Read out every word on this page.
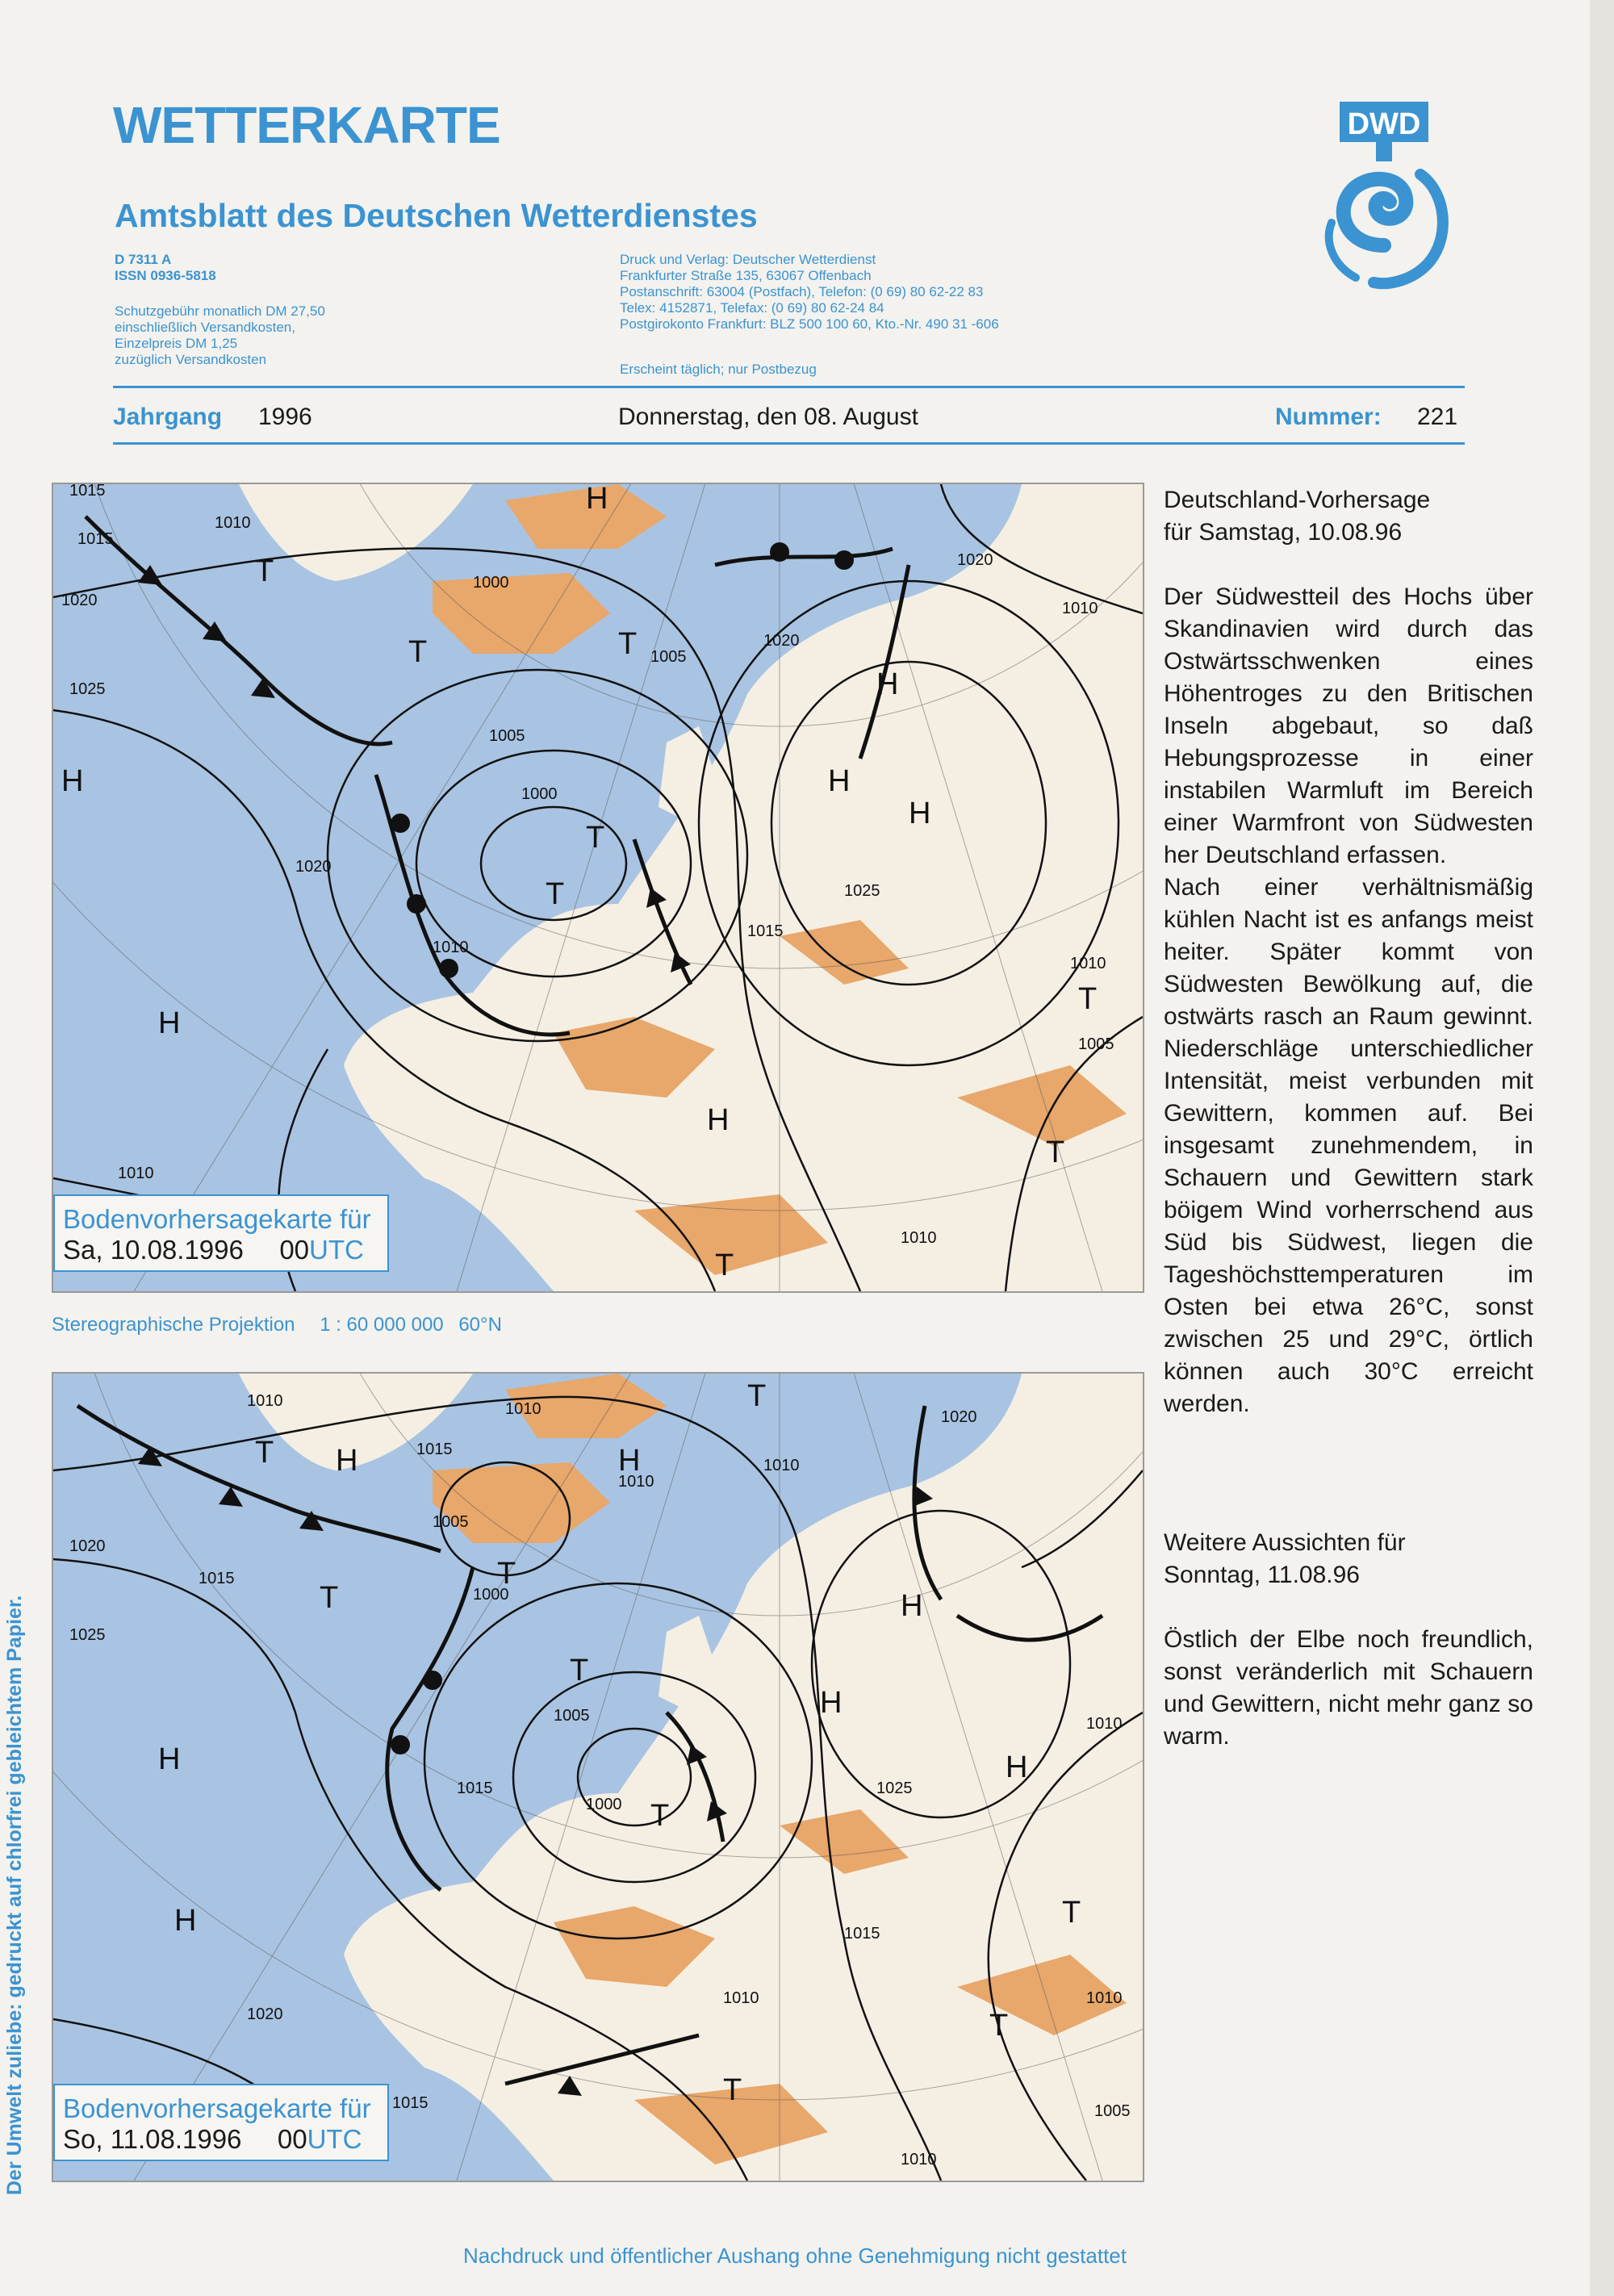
WETTERKARTE
Amtsblatt des Deutschen Wetterdienstes
D 7311 A
ISSN 0936-5818
Schutzgebühr monatlich DM 27,50
einschließlich Versandkosten,
Einzelpreis DM 1,25
zuzüglich Versandkosten
Druck und Verlag: Deutscher Wetterdienst
Frankfurter Straße 135, 63067 Offenbach
Postanschrift: 63004 (Postfach), Telefon: (0 69) 80 62-22 83
Telex: 4152871, Telefax: (0 69) 80 62-24 84
Postgirokonto Frankfurt: BLZ 500 100 60, Kto.-Nr. 490 31 -606
Erscheint täglich; nur Postbezug
DWD
Jahrgang 1996	Donnerstag, den 08. August	Nummer: 221
1015
1010
1000
1005
1020
1025
1015
1010
1005
1020
1020
1010
1020
1015
1010
1025
1000
1010
1005
1010
H
T
T	T
T
H
H
H
H
H
T
T
T
H
T
Bodenvorhersagekarte für
Sa, 10.08.1996 00UTC
Stereographische Projektion 1 : 60 000 000 60°N
1010	1010
1020
1015
1025
1005
1000
1010
1015
1010
1020
1025
1005
1000
1010
1015
1015
1010
1020
1015
1010
1005
1010
T H	H
T
T
T
H
H
H
H
T
H
T
T
T
T
Bodenvorhersagekarte für
So, 11.08.1996 00UTC
Deutschland-Vorhersage
für Samstag, 10.08.96

Der Südwestteil des Hochs über Skandinavien wird durch das Ostwärtsschwenken eines Höhentroges zu den Britischen Inseln abgebaut, so daß Hebungsprozesse in einer instabilen Warmluft im Bereich einer Warmfront von Südwesten her Deutschland erfassen.

Nach einer verhältnismäßig kühlen Nacht ist es anfangs meist heiter. Später kommt von Südwesten Bewölkung auf, die ostwärts rasch an Raum gewinnt. Niederschläge unterschiedlicher Intensität, meist verbunden mit Gewittern, kommen auf. Bei insgesamt zunehmendem, in Schauern und Gewittern stark böigem Wind vorherrschend aus Süd bis Südwest, liegen die Tageshöchsttemperaturen im Osten bei etwa 26°C, sonst zwischen 25 und 29°C, örtlich können auch 30°C erreicht werden.

Weitere Aussichten für
Sonntag, 11.08.96

Östlich der Elbe noch freundlich, sonst veränderlich mit Schauern und Gewittern, nicht mehr ganz so warm.

Der Umwelt zuliebe: gedruckt auf chlorfrei gebleichtem Papier.
Nachdruck und öffentlicher Aushang ohne Genehmigung nicht gestattet
